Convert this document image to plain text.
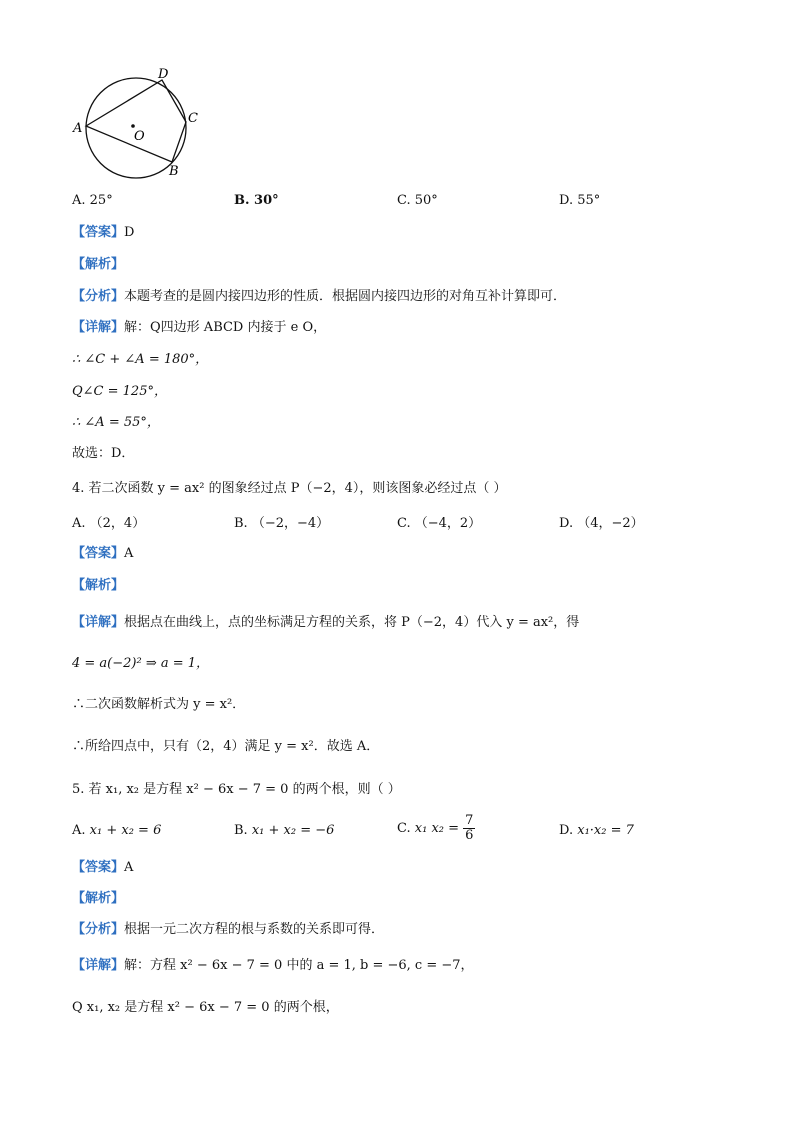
A
D
C
B
O
A. 25°	B. 30°	C. 50°	D. 55°
【答案】D
【解析】
【分析】本题考查的是圆内接四边形的性质．根据圆内接四边形的对角互补计算即可．
【详解】解：Q四边形 ABCD 内接于 e O，
∴ ∠C + ∠A = 180°，
Q∠C = 125°，
∴ ∠A = 55°，
故选：D．
4. 若二次函数 y = ax² 的图象经过点 P（−2，4），则该图象必经过点（ ）
A. （2，4）	B. （−2，−4）	C. （−4，2）	D. （4，−2）
【答案】A
【解析】
【详解】根据点在曲线上，点的坐标满足方程的关系，将 P（−2，4）代入 y = ax²，得
4 = a(−2)² ⇒ a = 1，
∴二次函数解析式为 y = x²．
∴所给四点中，只有（2，4）满足 y = x²．故选 A．
5. 若 x₁, x₂ 是方程 x² − 6x − 7 = 0 的两个根，则（ ）
A. x₁ + x₂ = 6	B. x₁ + x₂ = −6	C. x₁ $x_2 = \frac{7}{6}$	D. x₁·x₂ = 7
【答案】A
【解析】
【分析】根据一元二次方程的根与系数的关系即可得．
【详解】解：方程 x² − 6x − 7 = 0 中的 a = 1, b = −6, c = −7，
Q x₁, x₂ 是方程 x² − 6x − 7 = 0 的两个根，
